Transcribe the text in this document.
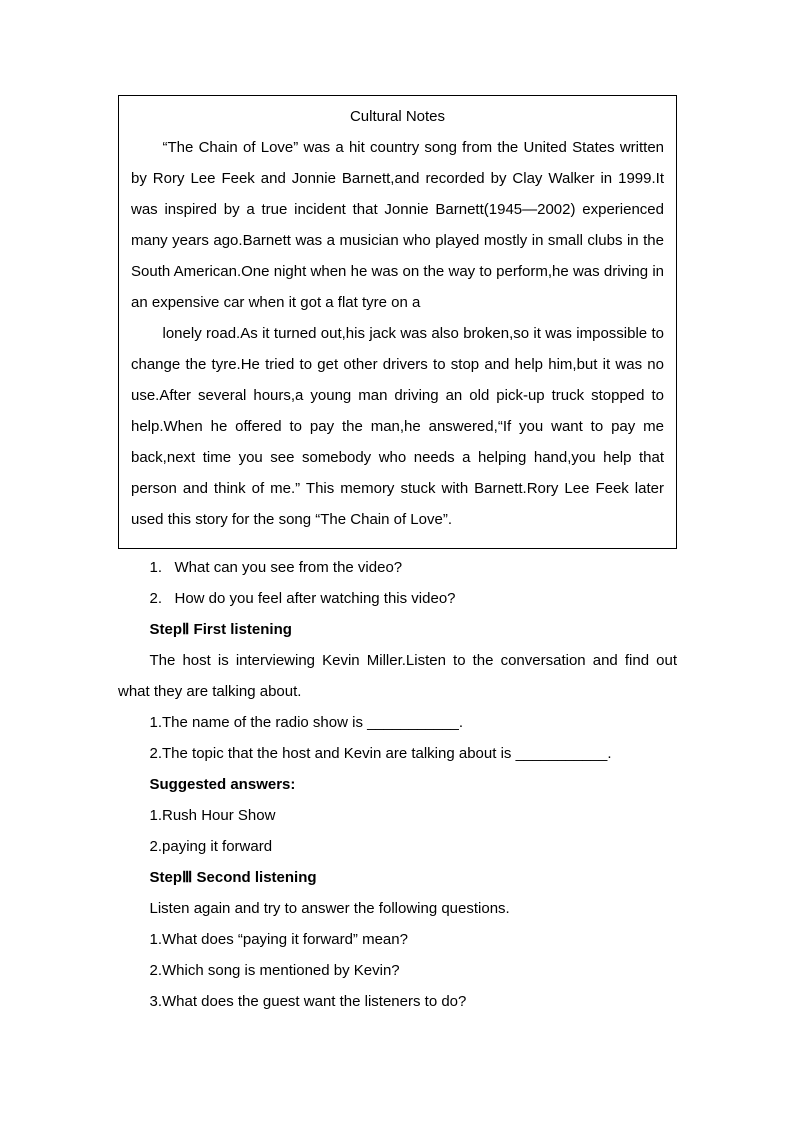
Cultural Notes

“The Chain of Love” was a hit country song from the United States written by Rory Lee Feek and Jonnie Barnett,and recorded by Clay Walker in 1999.It was inspired by a true incident that Jonnie Barnett(1945—2002) experienced many years ago.Barnett was a musician who played mostly in small clubs in the South American.One night when he was on the way to perform,he was driving in an expensive car when it got a flat tyre on a

lonely road.As it turned out,his jack was also broken,so it was impossible to change the tyre.He tried to get other drivers to stop and help him,but it was no use.After several hours,a young man driving an old pick-up truck stopped to help.When he offered to pay the man,he answered,“If you want to pay me back,next time you see somebody who needs a helping hand,you help that person and think of me.” This memory stuck with Barnett.Rory Lee Feek later used this story for the song “The Chain of Love”.

1.   What can you see from the video?

2.   How do you feel after watching this video?

StepⅡ First listening

The host is interviewing Kevin Miller.Listen to the conversation and find out what they are talking about.

1.The name of the radio show is ___________.

2.The topic that the host and Kevin are talking about is ___________.

Suggested answers:

1.Rush Hour Show

2.paying it forward

StepⅢ Second listening

Listen again and try to answer the following questions.

1.What does “paying it forward” mean?

2.Which song is mentioned by Kevin?

3.What does the guest want the listeners to do?
